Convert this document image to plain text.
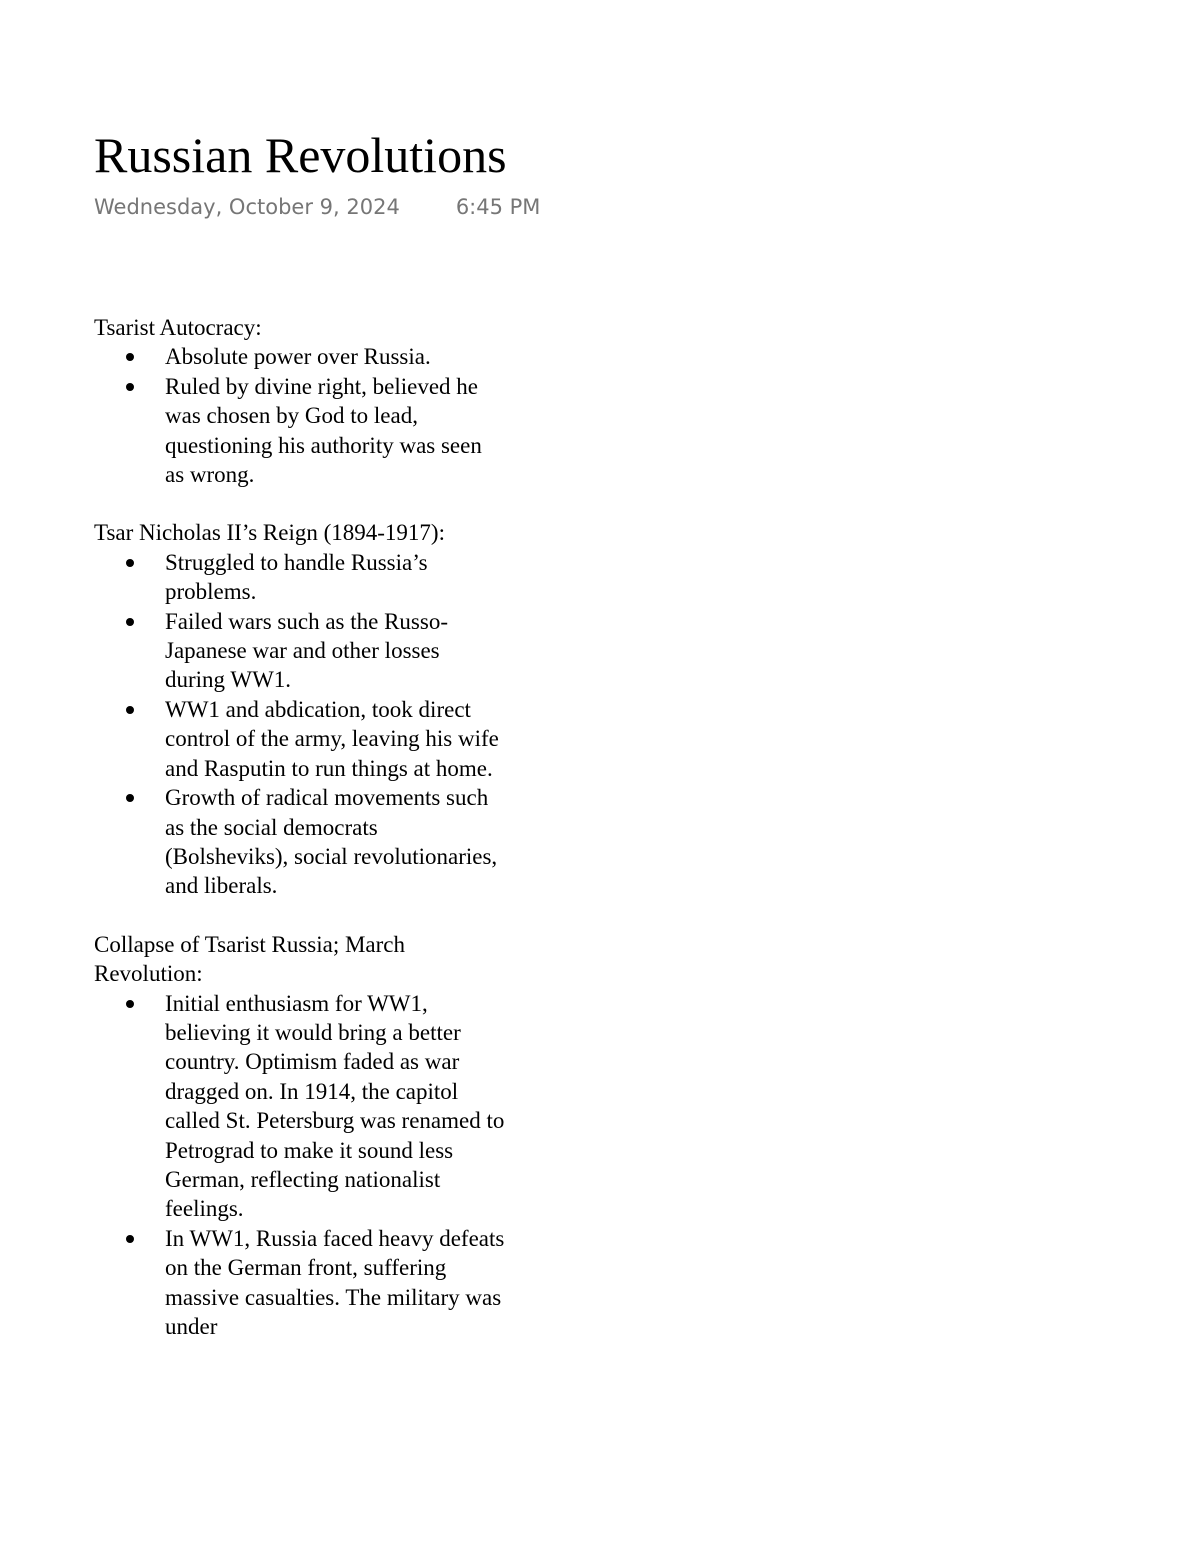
Russian Revolutions
Wednesday, October 9, 2024	6:45 PM

Tsarist Autocracy:

Absolute power over Russia.
Ruled by divine right, believed he was chosen by God to lead, questioning his authority was seen as wrong.

Tsar Nicholas II’s Reign (1894-1917):

Struggled to handle Russia’s problems.
Failed wars such as the Russo-Japanese war and other losses during WW1.
WW1 and abdication, took direct control of the army, leaving his wife and Rasputin to run things at home.
Growth of radical movements such as the social democrats (Bolsheviks), social revolutionaries, and liberals.

Collapse of Tsarist Russia; March Revolution:

Initial enthusiasm for WW1, believing it would bring a better country. Optimism faded as war dragged on. In 1914, the capitol called St. Petersburg was renamed to Petrograd to make it sound less German, reflecting nationalist feelings.
In WW1, Russia faced heavy defeats on the German front, suffering massive casualties. The military was under
